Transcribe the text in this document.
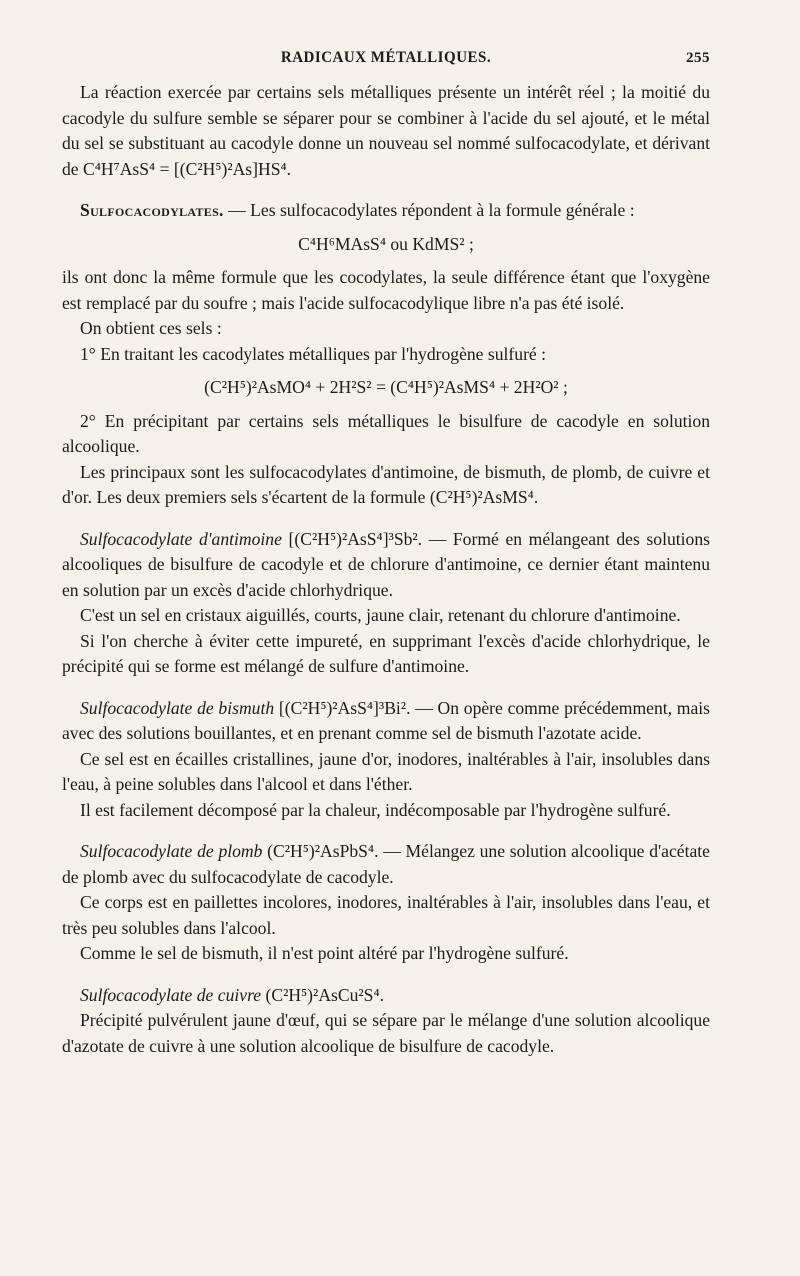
RADICAUX MÉTALLIQUES.	255

La réaction exercée par certains sels métalliques présente un intérêt réel ; la moitié du cacodyle du sulfure semble se séparer pour se combiner à l'acide du sel ajouté, et le métal du sel se substituant au cacodyle donne un nouveau sel nommé sulfocacodylate, et dérivant de C⁴H⁷AsS⁴ = [(C²H⁵)²As]HS⁴.

Sulfocacodylates. — Les sulfocacodylates répondent à la formule générale :

C⁴H⁶MAsS⁴ ou KdMS² ;

ils ont donc la même formule que les cocodylates, la seule différence étant que l'oxygène est remplacé par du soufre ; mais l'acide sulfocacodylique libre n'a pas été isolé.

On obtient ces sels :

1° En traitant les cacodylates métalliques par l'hydrogène sulfuré :

(C²H⁵)²AsMO⁴ + 2H²S² = (C⁴H⁵)²AsMS⁴ + 2H²O² ;

2° En précipitant par certains sels métalliques le bisulfure de cacodyle en solution alcoolique.

Les principaux sont les sulfocacodylates d'antimoine, de bismuth, de plomb, de cuivre et d'or. Les deux premiers sels s'écartent de la formule (C²H⁵)²AsMS⁴.

Sulfocacodylate d'antimoine [(C²H⁵)²AsS⁴]³Sb². — Formé en mélangeant des solutions alcooliques de bisulfure de cacodyle et de chlorure d'antimoine, ce dernier étant maintenu en solution par un excès d'acide chlorhydrique.

C'est un sel en cristaux aiguillés, courts, jaune clair, retenant du chlorure d'antimoine.

Si l'on cherche à éviter cette impureté, en supprimant l'excès d'acide chlorhydrique, le précipité qui se forme est mélangé de sulfure d'antimoine.

Sulfocacodylate de bismuth [(C²H⁵)²AsS⁴]³Bi². — On opère comme précédemment, mais avec des solutions bouillantes, et en prenant comme sel de bismuth l'azotate acide.

Ce sel est en écailles cristallines, jaune d'or, inodores, inaltérables à l'air, insolubles dans l'eau, à peine solubles dans l'alcool et dans l'éther.

Il est facilement décomposé par la chaleur, indécomposable par l'hydrogène sulfuré.

Sulfocacodylate de plomb (C²H⁵)²AsPbS⁴. — Mélangez une solution alcoolique d'acétate de plomb avec du sulfocacodylate de cacodyle.

Ce corps est en paillettes incolores, inodores, inaltérables à l'air, insolubles dans l'eau, et très peu solubles dans l'alcool.

Comme le sel de bismuth, il n'est point altéré par l'hydrogène sulfuré.

Sulfocacodylate de cuivre (C²H⁵)²AsCu²S⁴.

Précipité pulvérulent jaune d'œuf, qui se sépare par le mélange d'une solution alcoolique d'azotate de cuivre à une solution alcoolique de bisulfure de cacodyle.
